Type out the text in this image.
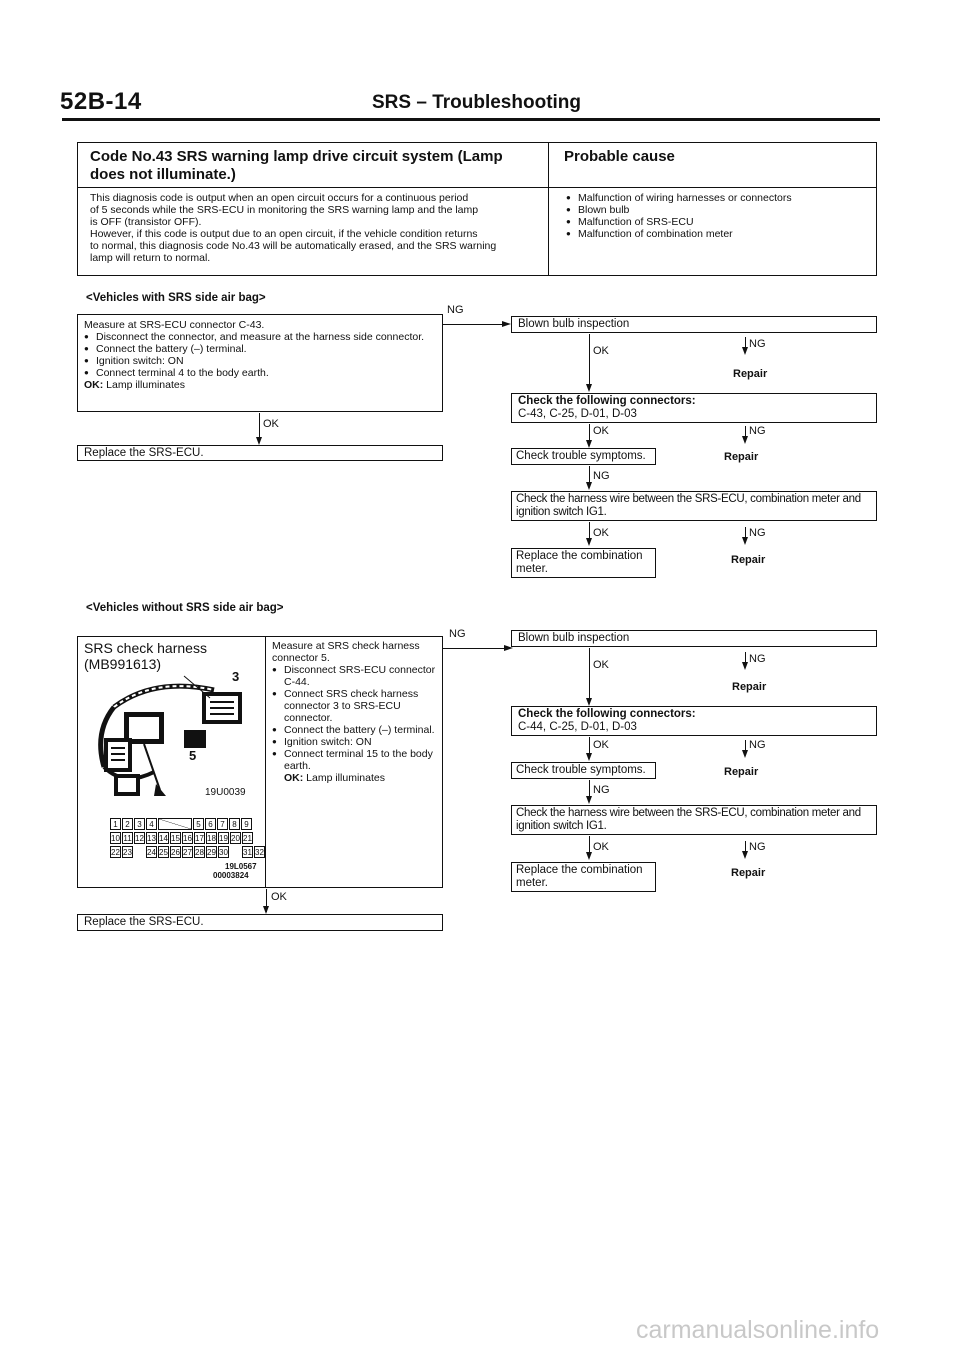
52B-14	SRS – Troubleshooting
Code No.43 SRS warning lamp drive circuit system (Lamp does not illuminate.)
Probable cause
This diagnosis code is output when an open circuit occurs for a continuous period
of 5 seconds while the SRS-ECU in monitoring the SRS warning lamp and the lamp
is OFF (transistor OFF).
However, if this code is output due to an open circuit, if the vehicle condition returns
to normal, this diagnosis code No.43 will be automatically erased, and the SRS warning
lamp will return to normal.
● Malfunction of wiring harnesses or connectors
● Blown bulb
● Malfunction of SRS-ECU
● Malfunction of combination meter
<Vehicles with SRS side air bag>
Measure at SRS-ECU connector C-43.
● Disconnect the connector, and measure at the harness side connector.
● Connect the battery (–) terminal.
● Ignition switch: ON
● Connect terminal 4 to the body earth.
OK: Lamp illuminates
NG
OK
Replace the SRS-ECU.
Blown bulb inspection
OK
NG
Repair
Check the following connectors:
C-43, C-25, D-01, D-03
OK	NG
Repair
Check trouble symptoms.
NG
Check the harness wire between the SRS-ECU, combination meter and ignition switch IG1.
OK	NG
Repair
Replace the combination meter.
<Vehicles without SRS side air bag>
SRS check harness
(MB991613)
3
5
19U0039
1 2 3 4	5 6 7 8 9
10 11 12 13 14 15 16 17 18 19 20 21
22 23 24 25 26 27 28 29 30 31 32
19L0567
00003824
Measure at SRS check harness connector 5.
● Disconnect SRS-ECU connector C-44.
● Connect SRS check harness connector 3 to SRS-ECU connector.
● Connect the battery (–) terminal.
● Ignition switch: ON
● Connect terminal 15 to the body earth.
OK: Lamp illuminates
NG
OK
Replace the SRS-ECU.
Blown bulb inspection
OK	NG
Repair
Check the following connectors:
C-44, C-25, D-01, D-03
OK	NG
Repair
Check trouble symptoms.
NG
Check the harness wire between the SRS-ECU, combination meter and ignition switch IG1.
OK	NG
Repair
Replace the combination meter.
carmanualsonline.info
